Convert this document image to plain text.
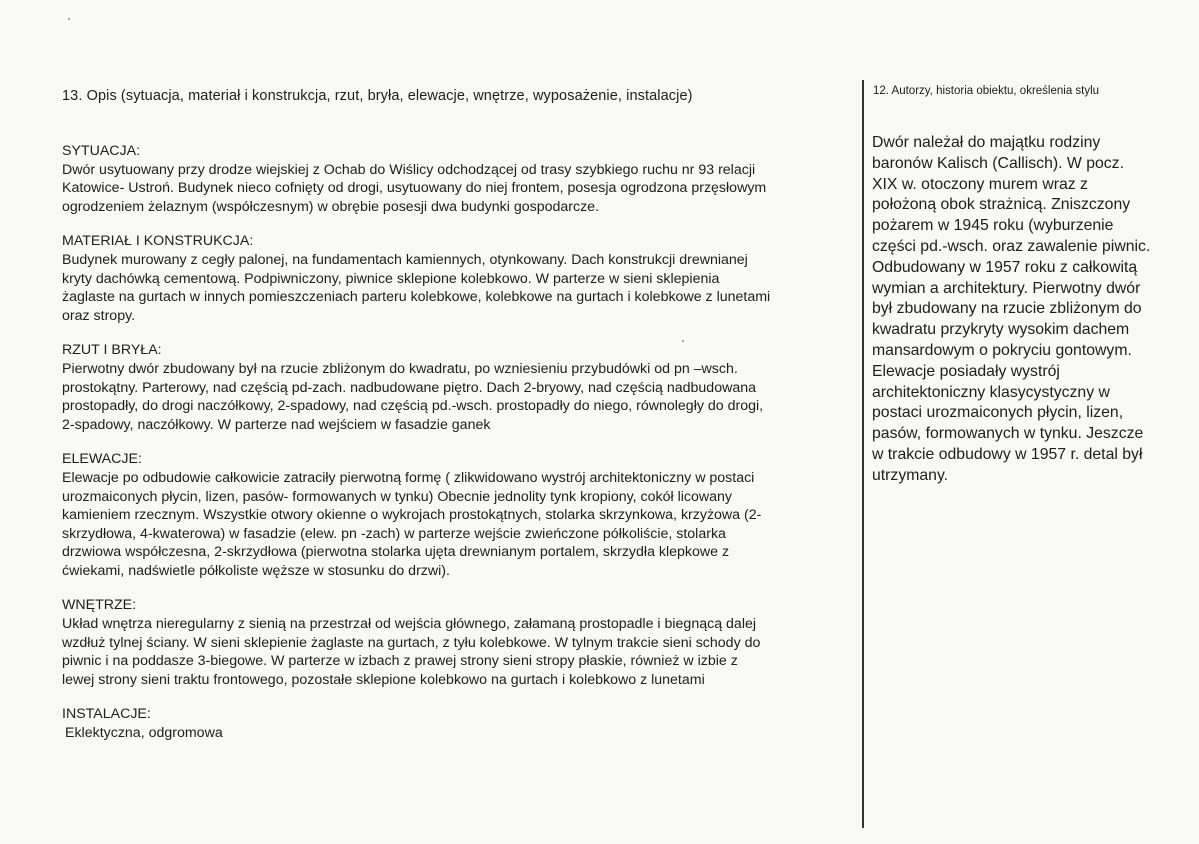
13. Opis (sytuacja, materiał i konstrukcja, rzut, bryła, elewacje, wnętrze, wyposażenie, instalacje)	12. Autorzy, historia obiektu, określenia stylu
SYTUACJA:
Dwór usytuowany przy drodze wiejskiej z Ochab do Wiślicy odchodzącej od trasy szybkiego ruchu nr 93 relacji
Katowice- Ustroń. Budynek nieco cofnięty od drogi, usytuowany do niej frontem, posesja ogrodzona przęsłowym
ogrodzeniem żelaznym (współczesnym) w obrębie posesji dwa budynki gospodarcze.
MATERIAŁ I KONSTRUKCJA:
Budynek murowany z cegły palonej, na fundamentach kamiennych, otynkowany. Dach konstrukcji drewnianej
kryty dachówką cementową. Podpiwniczony, piwnice sklepione kolebkowo. W parterze w sieni sklepienia
żaglaste na gurtach w innych pomieszczeniach parteru kolebkowe, kolebkowe na gurtach i kolebkowe z lunetami
oraz stropy.
RZUT I BRYŁA:
Pierwotny dwór zbudowany był na rzucie zbliżonym do kwadratu, po wzniesieniu przybudówki od pn –wsch.
prostokątny. Parterowy, nad częścią pd-zach. nadbudowane piętro. Dach 2-bryowy, nad częścią nadbudowana
prostopadły, do drogi naczółkowy, 2-spadowy, nad częścią pd.-wsch. prostopadły do niego, równoległy do drogi,
2-spadowy, naczółkowy. W parterze nad wejściem w fasadzie ganek
ELEWACJE:
Elewacje po odbudowie całkowicie zatraciły pierwotną formę ( zlikwidowano wystrój architektoniczny w postaci
urozmaiconych płycin, lizen, pasów- formowanych w tynku) Obecnie jednolity tynk kropiony, cokół licowany
kamieniem rzecznym. Wszystkie otwory okienne o wykrojach prostokątnych, stolarka skrzynkowa, krzyżowa (2-
skrzydłowa, 4-kwaterowa) w fasadzie (elew. pn -zach) w parterze wejście zwieńczone półkoliście, stolarka
drzwiowa współczesna, 2-skrzydłowa (pierwotna stolarka ujęta drewnianym portalem, skrzydła klepkowe z
ćwiekami, nadświetle półkoliste węższe w stosunku do drzwi).
WNĘTRZE:
Układ wnętrza nieregularny z sienią na przestrzał od wejścia głównego, załamaną prostopadle i biegnącą dalej
wzdłuż tylnej ściany. W sieni sklepienie żaglaste na gurtach, z tyłu kolebkowe. W tylnym trakcie sieni schody do
piwnic i na poddasze 3-biegowe. W parterze w izbach z prawej strony sieni stropy płaskie, również w izbie z
lewej strony sieni traktu frontowego, pozostałe sklepione kolebkowo na gurtach i kolebkowo z lunetami
INSTALACJE:
Eklektyczna, odgromowa
Dwór należał do majątku rodziny
baronów Kalisch (Callisch). W pocz.
XIX w. otoczony murem wraz z
położoną obok strażnicą. Zniszczony
pożarem w 1945 roku (wyburzenie
części pd.-wsch. oraz zawalenie piwnic.
Odbudowany w 1957 roku z całkowitą
wymian a architektury. Pierwotny dwór
był zbudowany na rzucie zbliżonym do
kwadratu przykryty wysokim dachem
mansardowym o pokryciu gontowym.
Elewacje posiadały wystrój
architektoniczny klasycystyczny w
postaci urozmaiconych płycin, lizen,
pasów, formowanych w tynku. Jeszcze
w trakcie odbudowy w 1957 r. detal był
utrzymany.
